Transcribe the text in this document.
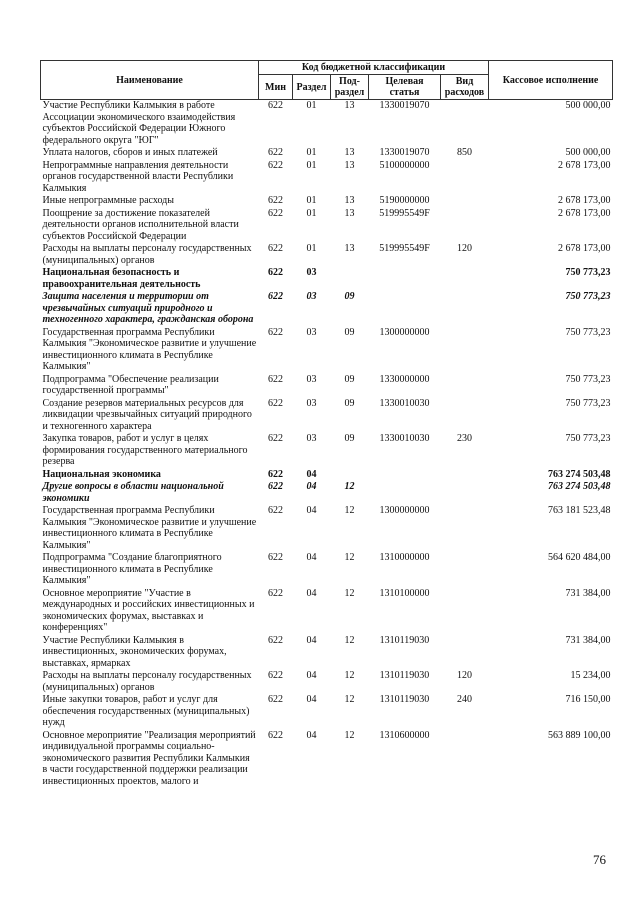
Наименование	Код бюджетной классификации					Кассовое исполнение
	Мин	Раздел	Под-раздел	Целевая статья	Вид расходов	
Участие Республики Калмыкия в работе Ассоциации экономического взаимодействия субъектов Российской Федерации Южного федерального округа "ЮГ"	622	01	13	1330019070		500 000,00
Уплата налогов, сборов и иных платежей	622	01	13	1330019070	850	500 000,00
Непрограммные направления деятельности органов государственной власти Республики Калмыкия	622	01	13	5100000000		2 678 173,00
Иные непрограммные расходы	622	01	13	5190000000		2 678 173,00
Поощрение за достижение показателей деятельности органов исполнительной власти субъектов Российской Федерации	622	01	13	519995549F		2 678 173,00
Расходы на выплаты персоналу государственных (муниципальных) органов	622	01	13	519995549F	120	2 678 173,00
Национальная безопасность и правоохранительная деятельность	622	03				750 773,23
Защита населения и территории от чрезвычайных ситуаций природного и техногенного характера, гражданская оборона	622	03	09			750 773,23
Государственная программа Республики Калмыкия "Экономическое развитие и улучшение инвестиционного климата в Республике Калмыкия"	622	03	09	1300000000		750 773,23
Подпрограмма "Обеспечение реализации государственной программы"	622	03	09	1330000000		750 773,23
Создание резервов материальных ресурсов для ликвидации чрезвычайных ситуаций природного и техногенного характера	622	03	09	1330010030		750 773,23
Закупка товаров, работ и услуг в целях формирования государственного материального резерва	622	03	09	1330010030	230	750 773,23
Национальная экономика	622	04				763 274 503,48
Другие вопросы в области национальной экономики	622	04	12			763 274 503,48
Государственная программа Республики Калмыкия "Экономическое развитие и улучшение инвестиционного климата в Республике Калмыкия"	622	04	12	1300000000		763 181 523,48
Подпрограмма "Создание благоприятного инвестиционного климата в Республике Калмыкия"	622	04	12	1310000000		564 620 484,00
Основное мероприятие "Участие в международных и российских инвестиционных и экономических форумах, выставках и конференциях"	622	04	12	1310100000		731 384,00
Участие Республики Калмыкия в инвестиционных, экономических форумах, выставках, ярмарках	622	04	12	1310119030		731 384,00
Расходы на выплаты персоналу государственных (муниципальных) органов	622	04	12	1310119030	120	15 234,00
Иные закупки товаров, работ и услуг для обеспечения государственных (муниципальных) нужд	622	04	12	1310119030	240	716 150,00
Основное мероприятие "Реализация мероприятий индивидуальной программы социально-экономического развития Республики Калмыкия в части государственной поддержки реализации инвестиционных проектов, малого и	622	04	12	1310600000		563 889 100,00
76
